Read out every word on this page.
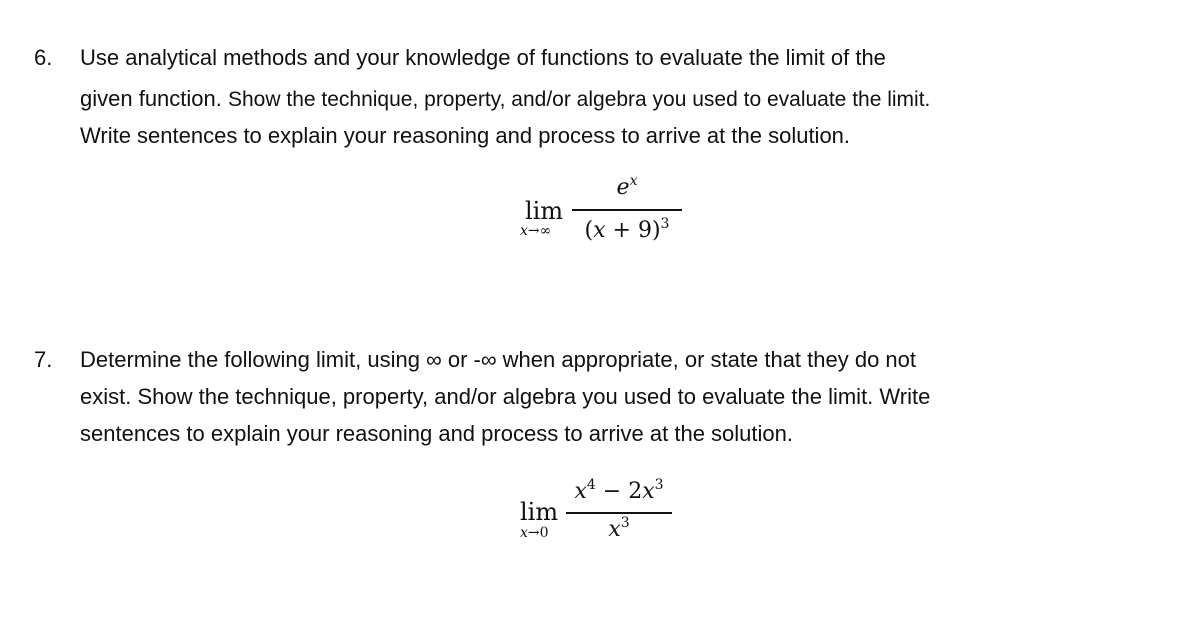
6. Use analytical methods and your knowledge of functions to evaluate the limit of the
given function. Show the technique, property, and/or algebra you used to evaluate the limit.
Write sentences to explain your reasoning and process to arrive at the solution.
lim
x→∞
$e^x$
$(x + 9)^3$
7. Determine the following limit, using ∞ or -∞ when appropriate, or state that they do not
exist. Show the technique, property, and/or algebra you used to evaluate the limit. Write
sentences to explain your reasoning and process to arrive at the solution.
lim
x→0
$x^4 - 2x^3$
$x^3$
